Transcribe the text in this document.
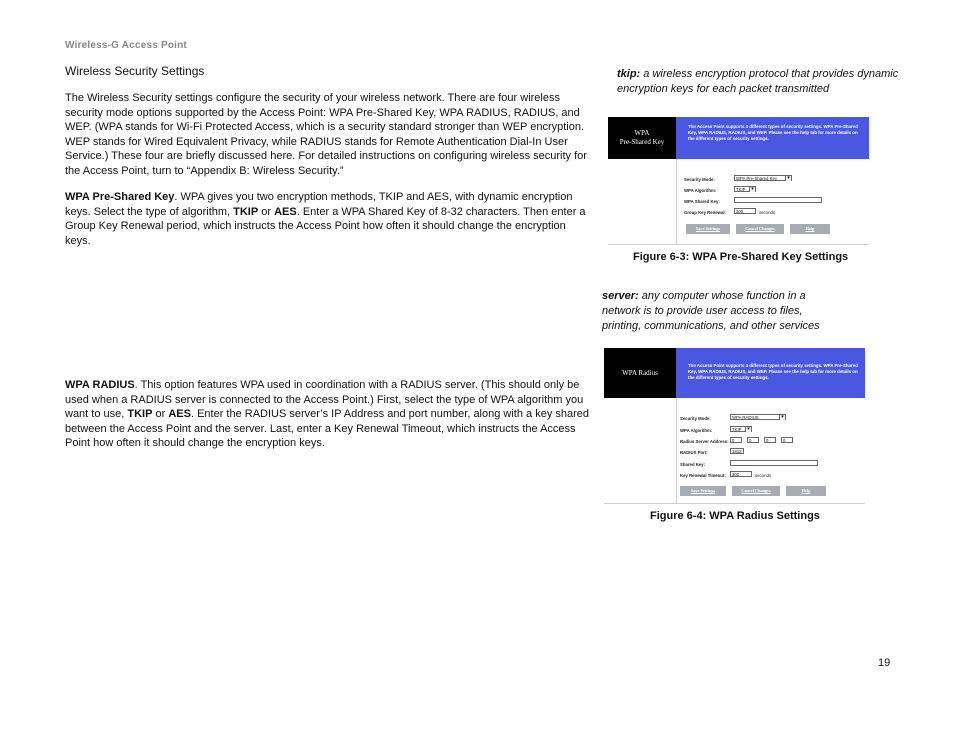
Wireless-G Access Point
Wireless Security Settings

The Wireless Security settings configure the security of your wireless network. There are four wireless security mode options supported by the Access Point: WPA Pre-Shared Key, WPA RADIUS, RADIUS, and WEP. (WPA stands for Wi-Fi Protected Access, which is a security standard stronger than WEP encryption. WEP stands for Wired Equivalent Privacy, while RADIUS stands for Remote Authentication Dial-In User Service.) These four are briefly discussed here. For detailed instructions on configuring wireless security for the Access Point, turn to “Appendix B: Wireless Security.”

WPA Pre-Shared Key. WPA gives you two encryption methods, TKIP and AES, with dynamic encryption keys. Select the type of algorithm, TKIP or AES. Enter a WPA Shared Key of 8-32 characters. Then enter a Group Key Renewal period, which instructs the Access Point how often it should change the encryption keys.

WPA RADIUS. This option features WPA used in coordination with a RADIUS server. (This should only be used when a RADIUS server is connected to the Access Point.) First, select the type of WPA algorithm you want to use, TKIP or AES. Enter the RADIUS server’s IP Address and port number, along with a key shared between the Access Point and the server. Last, enter a Key Renewal Timeout, which instructs the Access Point how often it should change the encryption keys.

tkip: a wireless encryption protocol that provides dynamic encryption keys for each packet transmitted
server: any computer whose function in a network is to provide user access to files, printing, communications, and other services
WPA
Pre-Shared Key
The Access Point supports 4 different types of security settings. WPA Pre-Shared Key, WPA RADIUS, RADIUS, and WEP. Please see the help tab for more details on the different types of security settings.
Security Mode:	WPA Pre-Shared Key ▾
WPA Algorithm:	TKIP ▾
WPA Shared Key:
Group Key Renewal:	300	seconds
Save Settings	Cancel Changes	Help
Figure 6-3: WPA Pre-Shared Key Settings
WPA Radius
The Access Point supports 4 different types of security settings. WPA Pre-Shared Key, WPA RADIUS, RADIUS, and WEP. Please see the help tab for more details on the different types of security settings.
Security Mode:	WPA RADIUS ▾
WPA Algorithm:	TKIP ▾
Radius Server Address: 0	0	0	0
RADIUS Port:	1812
Shared Key:
Key Renewal Timeout:	300	seconds
Save Settings	Cancel Changes	Help
Figure 6-4: WPA Radius Settings
19
